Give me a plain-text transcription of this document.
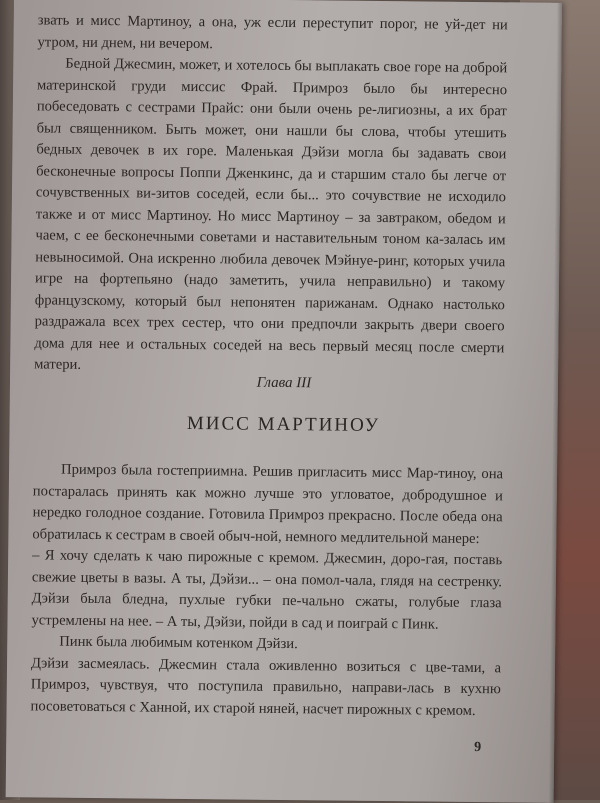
звать и мисс Мартиноу, а она, уж если переступит порог, не уй-дет ни утром, ни днем, ни вечером.

Бедной Джесмин, может, и хотелось бы выплакать свое горе на доброй материнской груди миссис Фрай. Примроз было бы интересно побеседовать с сестрами Прайс: они были очень ре-лигиозны, а их брат был священником. Быть может, они нашли бы слова, чтобы утешить бедных девочек в их горе. Маленькая Дэйзи могла бы задавать свои бесконечные вопросы Поппи Дженкинс, да и старшим стало бы легче от сочувственных ви-зитов соседей, если бы... это сочувствие не исходило также и от мисс Мартиноу. Но мисс Мартиноу – за завтраком, обедом и чаем, с ее бесконечными советами и наставительным тоном ка-залась им невыносимой. Она искренно любила девочек Мэйнуе-ринг, которых учила игре на фортепьяно (надо заметить, учила неправильно) и такому французскому, который был непонятен парижанам. Однако настолько раздражала всех трех сестер, что они предпочли закрыть двери своего дома для нее и остальных соседей на весь первый месяц после смерти матери.

Глава III
МИСС МАРТИНОУ

Примроз была гостеприимна. Решив пригласить мисс Мар-тиноу, она постаралась принять как можно лучше это угловатое, добродушное и нередко голодное создание. Готовила Примроз прекрасно. После обеда она обратилась к сестрам в своей обыч-ной, немного медлительной манере:

– Я хочу сделать к чаю пирожные с кремом. Джесмин, доро-гая, поставь свежие цветы в вазы. А ты, Дэйзи... – она помол-чала, глядя на сестренку. Дэйзи была бледна, пухлые губки пе-чально сжаты, голубые глаза устремлены на нее. – А ты, Дэйзи, пойди в сад и поиграй с Пинк.

Пинк была любимым котенком Дэйзи.

Дэйзи засмеялась. Джесмин стала оживленно возиться с цве-тами, а Примроз, чувствуя, что поступила правильно, направи-лась в кухню посоветоваться с Ханной, их старой няней, насчет пирожных с кремом.

9
